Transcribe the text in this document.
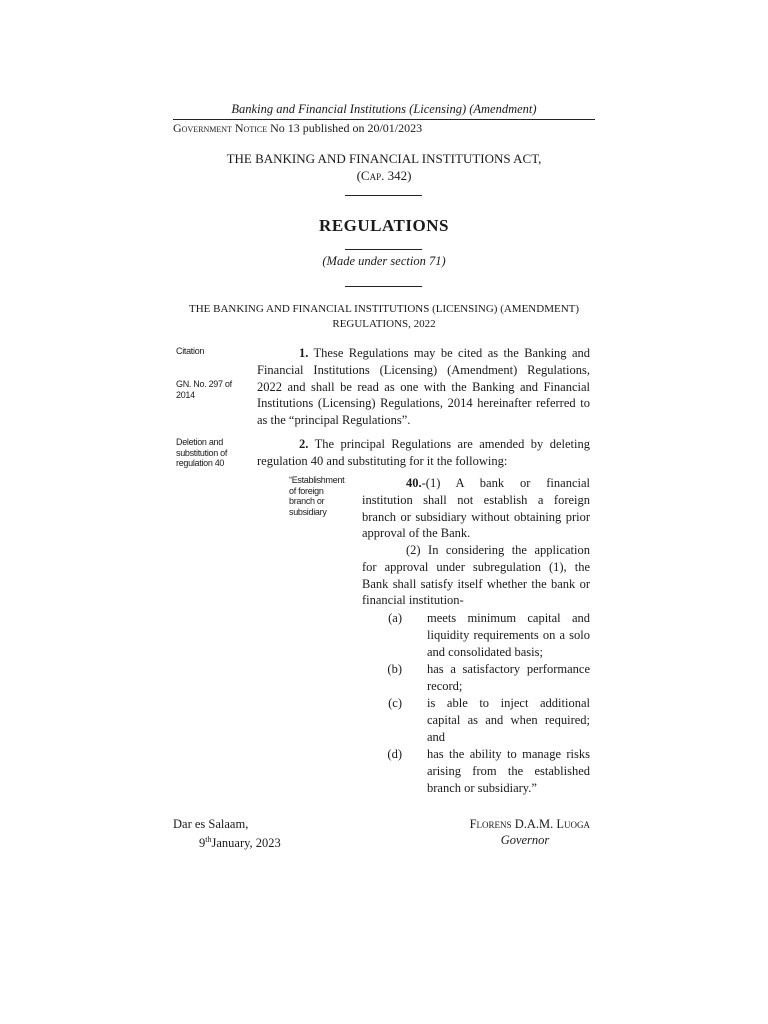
Banking and Financial Institutions (Licensing) (Amendment)
Government Notice No 13 published on 20/01/2023
THE BANKING AND FINANCIAL INSTITUTIONS ACT,
(Cap. 342)
REGULATIONS
(Made under section 71)
THE BANKING AND FINANCIAL INSTITUTIONS (LICENSING) (AMENDMENT) REGULATIONS, 2022
Citation
GN. No. 297 of 2014
Deletion and substitution of regulation 40
“Establishment of foreign branch or subsidiary
1. These Regulations may be cited as the Banking and Financial Institutions (Licensing) (Amendment) Regulations, 2022 and shall be read as one with the Banking and Financial Institutions (Licensing) Regulations, 2014 hereinafter referred to as the “principal Regulations”.
2. The principal Regulations are amended by deleting regulation 40 and substituting for it the following:
40.-(1) A bank or financial institution shall not establish a foreign branch or subsidiary without obtaining prior approval of the Bank.
(2) In considering the application for approval under subregulation (1), the Bank shall satisfy itself whether the bank or financial institution-
(a) meets minimum capital and liquidity requirements on a solo and consolidated basis;
(b) has a satisfactory performance record;
(c) is able to inject additional capital as and when required; and
(d) has the ability to manage risks arising from the established branch or subsidiary.”
Dar es Salaam,
9thJanuary, 2023
Florens D.A.M. Luoga
Governor
